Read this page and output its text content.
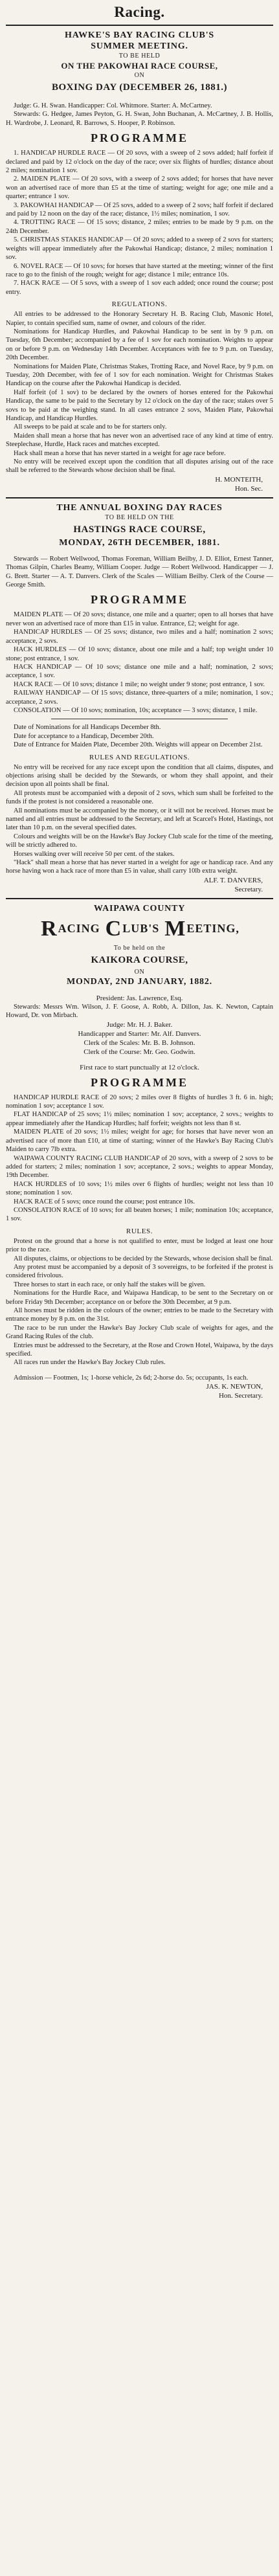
Racing.
HAWKE'S BAY RACING CLUB'S
SUMMER MEETING.
TO BE HELD
ON THE PAKOWHAI RACE COURSE,
ON
BOXING DAY (DECEMBER 26, 1881.)

Judge: G. H. Swan. Handicapper: Col. Whitmore. Starter: A. McCartney.

Stewards: G. Hedgee, James Peyton, G. H. Swan, John Buchanan, A. McCartney, J. B. Hollis, H. Wardrobe, J. Leonard, R. Barrows, S. Hooper, P. Robinson.

PROGRAMME

1. HANDICAP HURDLE RACE — Of 20 sovs, with a sweep of 2 sovs added; half forfeit if declared and paid by 12 o'clock on the day of the race; over six flights of hurdles; distance about 2 miles; nomination 1 sov.

2. MAIDEN PLATE — Of 20 sovs, with a sweep of 2 sovs added; for horses that have never won an advertised race of more than £5 at the time of starting; weight for age; one mile and a quarter; entrance 1 sov.

3. PAKOWHAI HANDICAP — Of 25 sovs, added to a sweep of 2 sovs; half forfeit if declared and paid by 12 noon on the day of the race; distance, 1½ miles; nomination, 1 sov.

4. TROTTING RACE — Of 15 sovs; distance, 2 miles; entries to be made by 9 p.m. on the 24th December.

5. CHRISTMAS STAKES HANDICAP — Of 20 sovs; added to a sweep of 2 sovs for starters; weights will appear immediately after the Pakowhai Handicap; distance, 2 miles; nomination 1 sov.

6. NOVEL RACE — Of 10 sovs; for horses that have started at the meeting; winner of the first race to go to the finish of the rough; weight for age; distance 1 mile; entrance 10s.

7. HACK RACE — Of 5 sovs, with a sweep of 1 sov each added; once round the course; post entry.

REGULATIONS.

All entries to be addressed to the Honorary Secretary H. B. Racing Club, Masonic Hotel, Napier, to contain specified sum, name of owner, and colours of the rider.

Nominations for Handicap Hurdles, and Pakowhai Handicap to be sent in by 9 p.m. on Tuesday, 6th December; accompanied by a fee of 1 sov for each nomination. Weights to appear on or before 9 p.m. on Wednesday 14th December. Acceptances with fee to 9 p.m. on Tuesday, 20th December.

Nominations for Maiden Plate, Christmas Stakes, Trotting Race, and Novel Race, by 9 p.m. on Tuesday, 20th December, with fee of 1 sov for each nomination. Weight for Christmas Stakes Handicap on the course after the Pakowhai Handicap is decided.

Half forfeit (of 1 sov) to be declared by the owners of horses entered for the Pakowhai Handicap, the same to be paid to the Secretary by 12 o'clock on the day of the race; stakes over 5 sovs to be paid at the weighing stand. In all cases entrance 2 sovs, Maiden Plate, Pakowhai Handicap, and Handicap Hurdles.

All sweeps to be paid at scale and to be for starters only.

Maiden shall mean a horse that has never won an advertised race of any kind at time of entry. Steeplechase, Hurdle, Hack races and matches excepted.

Hack shall mean a horse that has never started in a weight for age race before.

No entry will be received except upon the condition that all disputes arising out of the race shall be referred to the Stewards whose decision shall be final.

H. MONTEITH,
Hon. Sec.
THE ANNUAL BOXING DAY RACES
TO BE HELD ON THE
HASTINGS RACE COURSE,
MONDAY, 26TH DECEMBER, 1881.

Stewards — Robert Wellwood, Thomas Foreman, William Beilby, J. D. Elliot, Ernest Tanner, Thomas Gilpin, Charles Beamy, William Cooper. Judge — Robert Wellwood. Handicapper — J. G. Brett. Starter — A. T. Danvers. Clerk of the Scales — William Beilby. Clerk of the Course — George Smith.

PROGRAMME

MAIDEN PLATE — Of 20 sovs; distance, one mile and a quarter; open to all horses that have never won an advertised race of more than £15 in value. Entrance, £2; weight for age.

HANDICAP HURDLES — Of 25 sovs; distance, two miles and a half; nomination 2 sovs; acceptance, 2 sovs.

HACK HURDLES — Of 10 sovs; distance, about one mile and a half; top weight under 10 stone; post entrance, 1 sov.

HACK HANDICAP — Of 10 sovs; distance one mile and a half; nomination, 2 sovs; acceptance, 1 sov.

HACK RACE — Of 10 sovs; distance 1 mile; no weight under 9 stone; post entrance, 1 sov.

RAILWAY HANDICAP — Of 15 sovs; distance, three-quarters of a mile; nomination, 1 sov.; acceptance, 2 sovs.

CONSOLATION — Of 10 sovs; nomination, 10s; acceptance — 3 sovs; distance, 1 mile.

Date of Nominations for all Handicaps December 8th.

Date for acceptance to a Handicap, December 20th.

Date of Entrance for Maiden Plate, December 20th. Weights will appear on December 21st.

RULES AND REGULATIONS.

No entry will be received for any race except upon the condition that all claims, disputes, and objections arising shall be decided by the Stewards, or whom they shall appoint, and their decision upon all points shall be final.

All protests must be accompanied with a deposit of 2 sovs, which sum shall be forfeited to the funds if the protest is not considered a reasonable one.

All nominations must be accompanied by the money, or it will not be received. Horses must be named and all entries must be addressed to the Secretary, and left at Scarcel's Hotel, Hastings, not later than 10 p.m. on the several specified dates.

Colours and weights will be on the Hawke's Bay Jockey Club scale for the time of the meeting, will be strictly adhered to.

Horses walking over will receive 50 per cent. of the stakes.

"Hack" shall mean a horse that has never started in a weight for age or handicap race. And any horse having won a hack race of more than £5 in value, shall carry 10lb extra weight.

ALF. T. DANVERS,
Secretary.
WAIPAWA COUNTY
R ACING C LUB'S M EETING,
To be held on the
KAIKORA COURSE,
ON
MONDAY, 2ND JANUARY, 1882.
President: Jas. Lawrence, Esq.

Stewards: Messrs Wm. Wilson, J. F. Goose, A. Robb, A. Dillon, Jas. K. Newton, Captain Howard, Dr. von Mirbach.

Judge: Mr. H. J. Baker.
Handicapper and Starter: Mr. Alf. Danvers.
Clerk of the Scales: Mr. B. B. Johnson.
Clerk of the Course: Mr. Geo. Godwin.
First race to start punctually at 12 o'clock.
PROGRAMME

HANDICAP HURDLE RACE of 20 sovs; 2 miles over 8 flights of hurdles 3 ft. 6 in. high; nomination 1 sov; acceptance 1 sov.

FLAT HANDICAP of 25 sovs; 1½ miles; nomination 1 sov; acceptance, 2 sovs.; weights to appear immediately after the Handicap Hurdles; half forfeit; weights not less than 8 st.

MAIDEN PLATE of 20 sovs; 1½ miles; weight for age; for horses that have never won an advertised race of more than £10, at time of starting; winner of the Hawke's Bay Racing Club's Maiden to carry 7lb extra.

WAIPAWA COUNTY RACING CLUB HANDICAP of 20 sovs, with a sweep of 2 sovs to be added for starters; 2 miles; nomination 1 sov; acceptance, 2 sovs.; weights to appear Monday, 19th December.

HACK HURDLES of 10 sovs; 1½ miles over 6 flights of hurdles; weight not less than 10 stone; nomination 1 sov.

HACK RACE of 5 sovs; once round the course; post entrance 10s.

CONSOLATION RACE of 10 sovs; for all beaten horses; 1 mile; nomination 10s; acceptance, 1 sov.

RULES.

Protest on the ground that a horse is not qualified to enter, must be lodged at least one hour prior to the race.

All disputes, claims, or objections to be decided by the Stewards, whose decision shall be final.

Any protest must be accompanied by a deposit of 3 sovereigns, to be forfeited if the protest is considered frivolous.

Three horses to start in each race, or only half the stakes will be given.

Nominations for the Hurdle Race, and Waipawa Handicap, to be sent to the Secretary on or before Friday 9th December; acceptance on or before the 30th December, at 9 p.m.

All horses must be ridden in the colours of the owner; entries to be made to the Secretary with entrance money by 8 p.m. on the 31st.

The race to be run under the Hawke's Bay Jockey Club scale of weights for ages, and the Grand Racing Rules of the club.

Entries must be addressed to the Secretary, at the Rose and Crown Hotel, Waipawa, by the days specified.

All races run under the Hawke's Bay Jockey Club rules.

Admission — Footmen, 1s; 1-horse vehicle, 2s 6d; 2-horse do. 5s; occupants, 1s each.

JAS. K. NEWTON,
Hon. Secretary.
